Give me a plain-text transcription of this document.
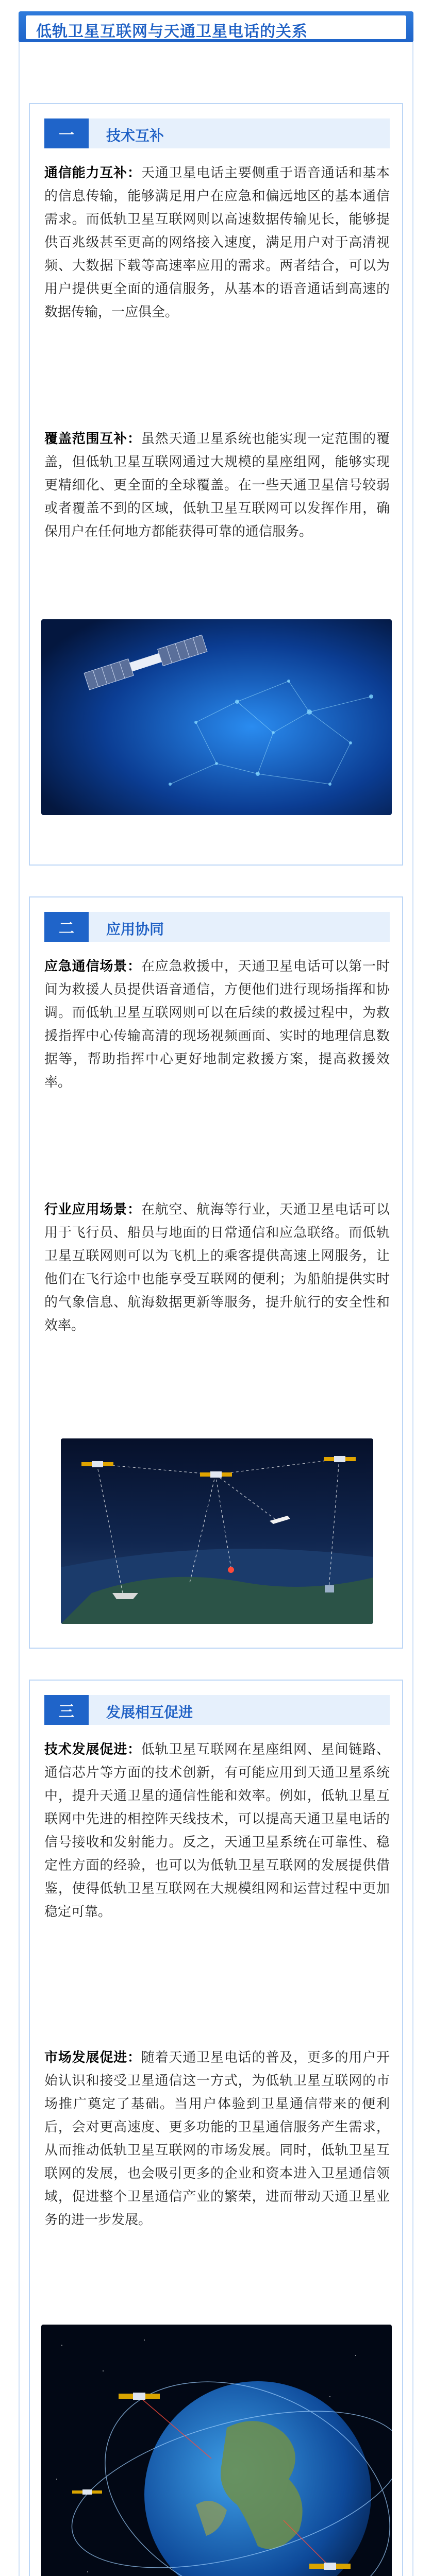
低轨卫星互联网与天通卫星电话的关系
一	技术互补
通信能力互补：天通卫星电话主要侧重于语音通话和基本的信息传输，能够满足用户在应急和偏远地区的基本通信需求。而低轨卫星互联网则以高速数据传输见长，能够提供百兆级甚至更高的网络接入速度，满足用户对于高清视频、大数据下载等高速率应用的需求。两者结合，可以为用户提供更全面的通信服务，从基本的语音通话到高速的数据传输，一应俱全。
覆盖范围互补：虽然天通卫星系统也能实现一定范围的覆盖，但低轨卫星互联网通过大规模的星座组网，能够实现更精细化、更全面的全球覆盖。在一些天通卫星信号较弱或者覆盖不到的区域，低轨卫星互联网可以发挥作用，确保用户在任何地方都能获得可靠的通信服务。
二	应用协同
应急通信场景：在应急救援中，天通卫星电话可以第一时间为救援人员提供语音通信，方便他们进行现场指挥和协调。而低轨卫星互联网则可以在后续的救援过程中，为救援指挥中心传输高清的现场视频画面、实时的地理信息数据等，帮助指挥中心更好地制定救援方案，提高救援效率。
行业应用场景：在航空、航海等行业，天通卫星电话可以用于飞行员、船员与地面的日常通信和应急联络。而低轨卫星互联网则可以为飞机上的乘客提供高速上网服务，让他们在飞行途中也能享受互联网的便利；为船舶提供实时的气象信息、航海数据更新等服务，提升航行的安全性和效率。
三	发展相互促进
技术发展促进：低轨卫星互联网在星座组网、星间链路、通信芯片等方面的技术创新，有可能应用到天通卫星系统中，提升天通卫星的通信性能和效率。例如，低轨卫星互联网中先进的相控阵天线技术，可以提高天通卫星电话的信号接收和发射能力。反之，天通卫星系统在可靠性、稳定性方面的经验，也可以为低轨卫星互联网的发展提供借鉴，使得低轨卫星互联网在大规模组网和运营过程中更加稳定可靠。
市场发展促进：随着天通卫星电话的普及，更多的用户开始认识和接受卫星通信这一方式，为低轨卫星互联网的市场推广奠定了基础。当用户体验到卫星通信带来的便利后，会对更高速度、更多功能的卫星通信服务产生需求，从而推动低轨卫星互联网的市场发展。同时，低轨卫星互联网的发展，也会吸引更多的企业和资本进入卫星通信领域，促进整个卫星通信产业的繁荣，进而带动天通卫星业务的进一步发展。
